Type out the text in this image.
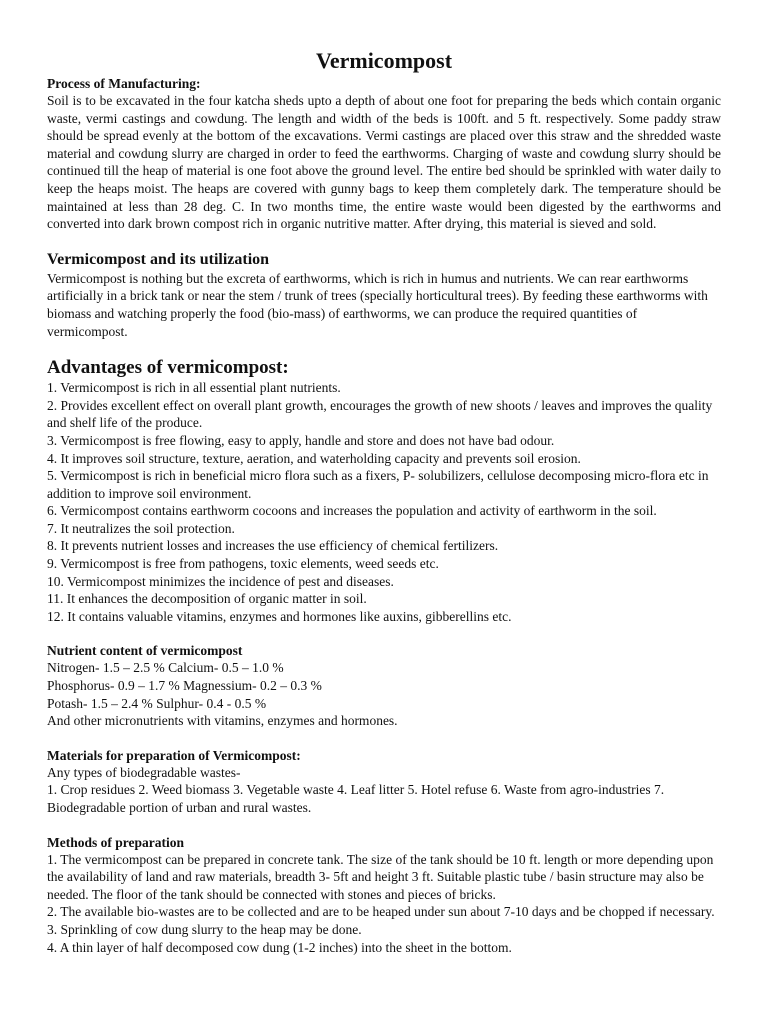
Vermicompost
Process of Manufacturing:

Soil is to be excavated in the four katcha sheds upto a depth of about one foot for preparing the beds which contain organic waste, vermi castings and cowdung. The length and width of the beds is 100ft. and 5 ft. respectively. Some paddy straw should be spread evenly at the bottom of the excavations. Vermi castings are placed over this straw and the shredded waste material and cowdung slurry are charged in order to feed the earthworms. Charging of waste and cowdung slurry should be continued till the heap of material is one foot above the ground level. The entire bed should be sprinkled with water daily to keep the heaps moist. The heaps are covered with gunny bags to keep them completely dark. The temperature should be maintained at less than 28 deg. C. In two months time, the entire waste would been digested by the earthworms and converted into dark brown compost rich in organic nutritive matter. After drying, this material is sieved and sold.

Vermicompost and its utilization

Vermicompost is nothing but the excreta of earthworms, which is rich in humus and nutrients. We can rear earthworms artificially in a brick tank or near the stem / trunk of trees (specially horticultural trees). By feeding these earthworms with biomass and watching properly the food (bio-mass) of earthworms, we can produce the required quantities of vermicompost.

Advantages of vermicompost:

1. Vermicompost is rich in all essential plant nutrients.

2. Provides excellent effect on overall plant growth, encourages the growth of new shoots / leaves and improves the quality and shelf life of the produce.

3. Vermicompost is free flowing, easy to apply, handle and store and does not have bad odour.

4. It improves soil structure, texture, aeration, and waterholding capacity and prevents soil erosion.

5. Vermicompost is rich in beneficial micro flora such as a fixers, P- solubilizers, cellulose decomposing micro-flora etc in addition to improve soil environment.

6. Vermicompost contains earthworm cocoons and increases the population and activity of earthworm in the soil.

7. It neutralizes the soil protection.

8. It prevents nutrient losses and increases the use efficiency of chemical fertilizers.

9. Vermicompost is free from pathogens, toxic elements, weed seeds etc.

10. Vermicompost minimizes the incidence of pest and diseases.

11. It enhances the decomposition of organic matter in soil.

12. It contains valuable vitamins, enzymes and hormones like auxins, gibberellins etc.

Nutrient content of vermicompost

Nitrogen- 1.5 – 2.5 % Calcium- 0.5 – 1.0 %

Phosphorus- 0.9 – 1.7 % Magnessium- 0.2 – 0.3 %

Potash- 1.5 – 2.4 % Sulphur- 0.4 - 0.5 %

And other micronutrients with vitamins, enzymes and hormones.

Materials for preparation of Vermicompost:

Any types of biodegradable wastes-

1. Crop residues 2. Weed biomass 3. Vegetable waste 4. Leaf litter 5. Hotel refuse 6. Waste from agro-industries 7. Biodegradable portion of urban and rural wastes.

Methods of preparation

1. The vermicompost can be prepared in concrete tank. The size of the tank should be 10 ft. length or more depending upon the availability of land and raw materials, breadth 3- 5ft and height 3 ft. Suitable plastic tube / basin structure may also be needed. The floor of the tank should be connected with stones and pieces of bricks.

2. The available bio-wastes are to be collected and are to be heaped under sun about 7-10 days and be chopped if necessary.

3. Sprinkling of cow dung slurry to the heap may be done.

4. A thin layer of half decomposed cow dung (1-2 inches) into the sheet in the bottom.
